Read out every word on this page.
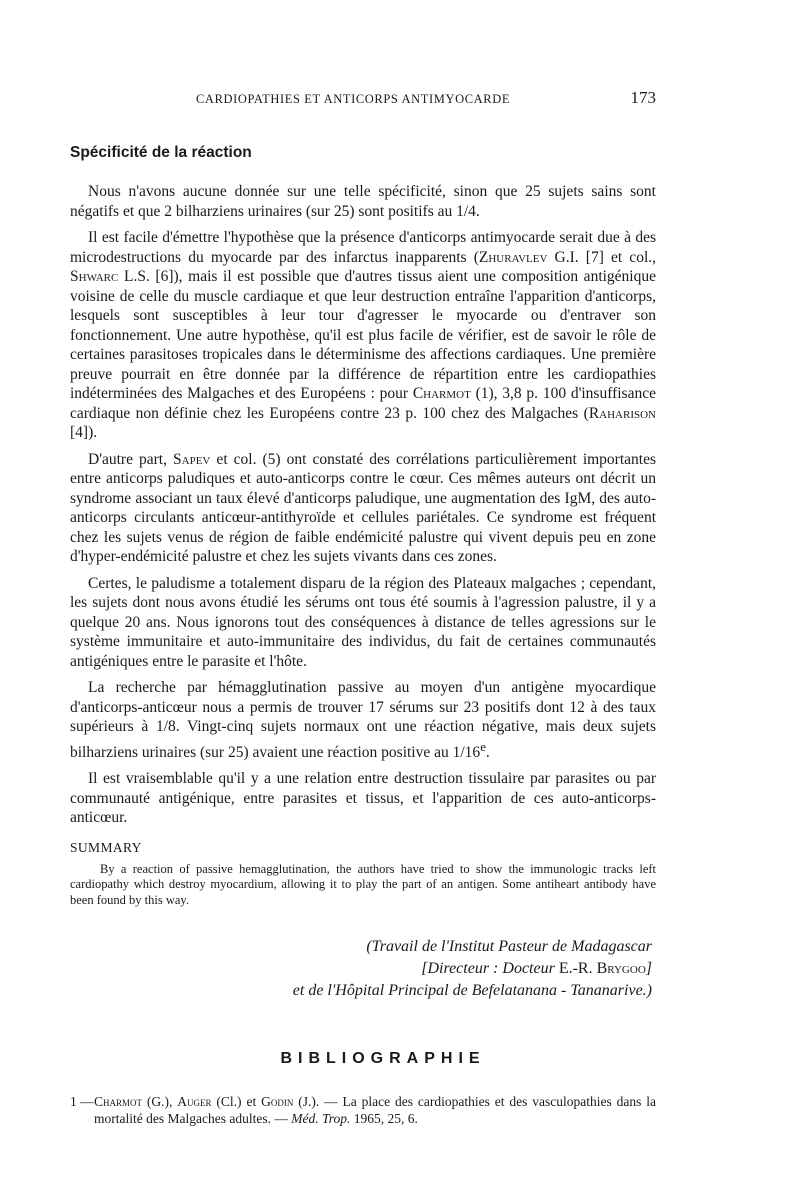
CARDIOPATHIES ET ANTICORPS ANTIMYOCARDE	173
Spécificité de la réaction

Nous n'avons aucune donnée sur une telle spécificité, sinon que 25 sujets sains sont négatifs et que 2 bilharziens urinaires (sur 25) sont positifs au 1/4.

Il est facile d'émettre l'hypothèse que la présence d'anticorps antimyocarde serait due à des microdestructions du myocarde par des infarctus inapparents (Zhuravlev G.I. [7] et col., Shwarc L.S. [6]), mais il est possible que d'autres tissus aient une composition antigénique voisine de celle du muscle cardiaque et que leur destruction entraîne l'apparition d'anticorps, lesquels sont susceptibles à leur tour d'agresser le myocarde ou d'entraver son fonctionnement. Une autre hypothèse, qu'il est plus facile de vérifier, est de savoir le rôle de certaines parasitoses tropicales dans le déterminisme des affections cardiaques. Une première preuve pourrait en être donnée par la différence de répartition entre les cardiopathies indéterminées des Malgaches et des Européens : pour Charmot (1), 3,8 p. 100 d'insuffisance cardiaque non définie chez les Européens contre 23 p. 100 chez des Malgaches (Raharison [4]).

D'autre part, Sapev et col. (5) ont constaté des corrélations particulièrement importantes entre anticorps paludiques et auto-anticorps contre le cœur. Ces mêmes auteurs ont décrit un syndrome associant un taux élevé d'anticorps paludique, une augmentation des IgM, des auto-anticorps circulants anticœur-antithyroïde et cellules pariétales. Ce syndrome est fréquent chez les sujets venus de région de faible endémicité palustre qui vivent depuis peu en zone d'hyper-endémicité palustre et chez les sujets vivants dans ces zones.

Certes, le paludisme a totalement disparu de la région des Plateaux malgaches ; cependant, les sujets dont nous avons étudié les sérums ont tous été soumis à l'agression palustre, il y a quelque 20 ans. Nous ignorons tout des conséquences à distance de telles agressions sur le système immunitaire et auto-immunitaire des individus, du fait de certaines communautés antigéniques entre le parasite et l'hôte.

La recherche par hémagglutination passive au moyen d'un antigène myocardique d'anticorps-anticœur nous a permis de trouver 17 sérums sur 23 positifs dont 12 à des taux supérieurs à 1/8. Vingt-cinq sujets normaux ont une réaction négative, mais deux sujets bilharziens urinaires (sur 25) avaient une réaction positive au 1/16e.

Il est vraisemblable qu'il y a une relation entre destruction tissulaire par parasites ou par communauté antigénique, entre parasites et tissus, et l'apparition de ces auto-anticorps-anticœur.

SUMMARY

By a reaction of passive hemagglutination, the authors have tried to show the immunologic tracks left cardiopathy which destroy myocardium, allowing it to play the part of an antigen. Some antiheart antibody have been found by this way.

(Travail de l'Institut Pasteur de Madagascar
[Directeur : Docteur E.-R. Brygoo]
et de l'Hôpital Principal de Befelatanana - Tananarive.)
BIBLIOGRAPHIE
1 — Charmot (G.), Auger (Cl.) et Godin (J.). — La place des cardiopathies et des vasculopathies dans la mortalité des Malgaches adultes. — Méd. Trop. 1965, 25, 6.
